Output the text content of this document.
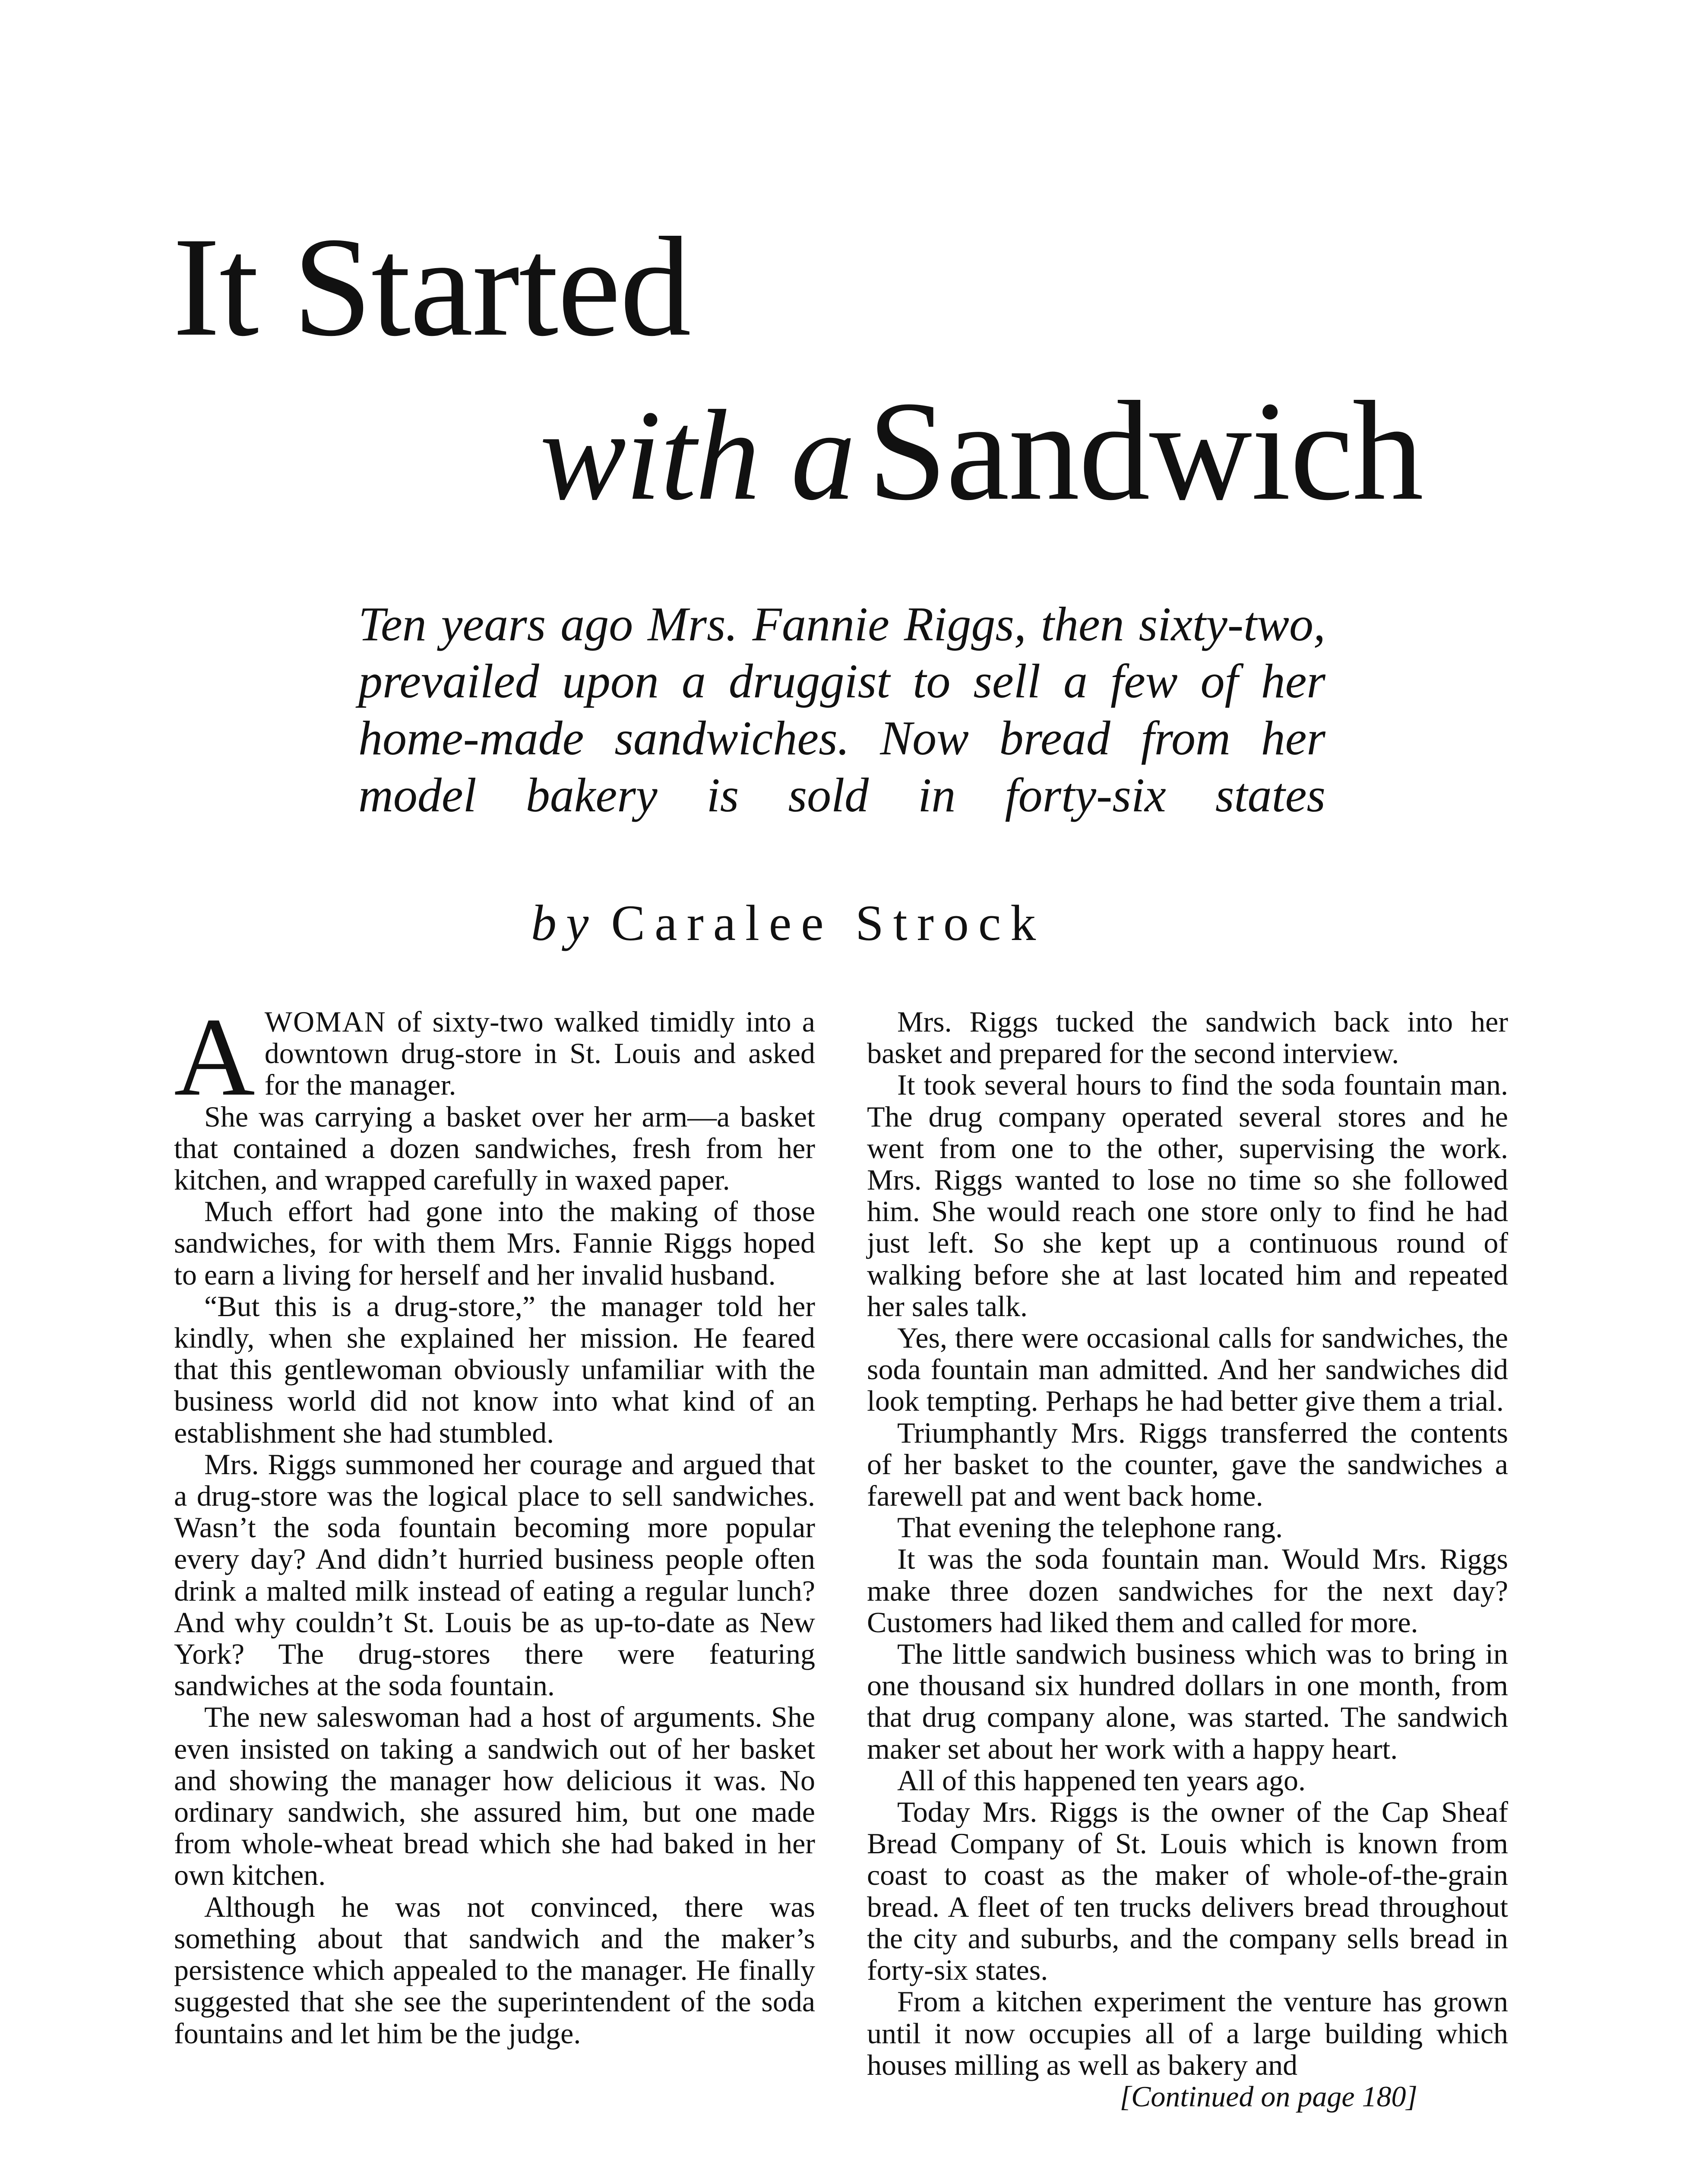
It Started
with aSandwich

Ten years ago Mrs. Fannie Riggs, then sixty-two, prevailed upon a druggist to sell a few of her home-made sandwiches. Now bread from her model bakery is sold in forty-six states

by Caralee Strock

AWOMAN of sixty-two walked timidly into a downtown drug-store in St. Louis and asked for the manager.

She was carrying a basket over her arm—a basket that contained a dozen sandwiches, fresh from her kitchen, and wrapped carefully in waxed paper.

Much effort had gone into the making of those sandwiches, for with them Mrs. Fannie Riggs hoped to earn a living for herself and her invalid husband.

“But this is a drug-store,” the manager told her kindly, when she explained her mission. He feared that this gentlewoman obviously unfamiliar with the business world did not know into what kind of an establishment she had stumbled.

Mrs. Riggs summoned her courage and argued that a drug-store was the logical place to sell sandwiches. Wasn’t the soda fountain becoming more popular every day? And didn’t hurried business people often drink a malted milk instead of eating a regular lunch? And why couldn’t St. Louis be as up-to-date as New York? The drug-stores there were featuring sandwiches at the soda fountain.

The new saleswoman had a host of arguments. She even insisted on taking a sandwich out of her basket and showing the manager how delicious it was. No ordinary sandwich, she assured him, but one made from whole-wheat bread which she had baked in her own kitchen.

Although he was not convinced, there was something about that sandwich and the maker’s persistence which appealed to the manager. He finally suggested that she see the superintendent of the soda fountains and let him be the judge.

Mrs. Riggs tucked the sandwich back into her basket and prepared for the second interview.

It took several hours to find the soda fountain man. The drug company operated several stores and he went from one to the other, supervising the work. Mrs. Riggs wanted to lose no time so she followed him. She would reach one store only to find he had just left. So she kept up a continuous round of walking before she at last located him and repeated her sales talk.

Yes, there were occasional calls for sandwiches, the soda fountain man admitted. And her sandwiches did look tempting. Perhaps he had better give them a trial.

Triumphantly Mrs. Riggs transferred the contents of her basket to the counter, gave the sandwiches a farewell pat and went back home.

That evening the telephone rang.

It was the soda fountain man. Would Mrs. Riggs make three dozen sandwiches for the next day? Customers had liked them and called for more.

The little sandwich business which was to bring in one thousand six hundred dollars in one month, from that drug company alone, was started. The sandwich maker set about her work with a happy heart.

All of this happened ten years ago.

Today Mrs. Riggs is the owner of the Cap Sheaf Bread Company of St. Louis which is known from coast to coast as the maker of whole-of-the-grain bread. A fleet of ten trucks delivers bread throughout the city and suburbs, and the company sells bread in forty-six states.

From a kitchen experiment the venture has grown until it now occupies all of a large building which houses milling as well as bakery and

[Continued on page 180]
